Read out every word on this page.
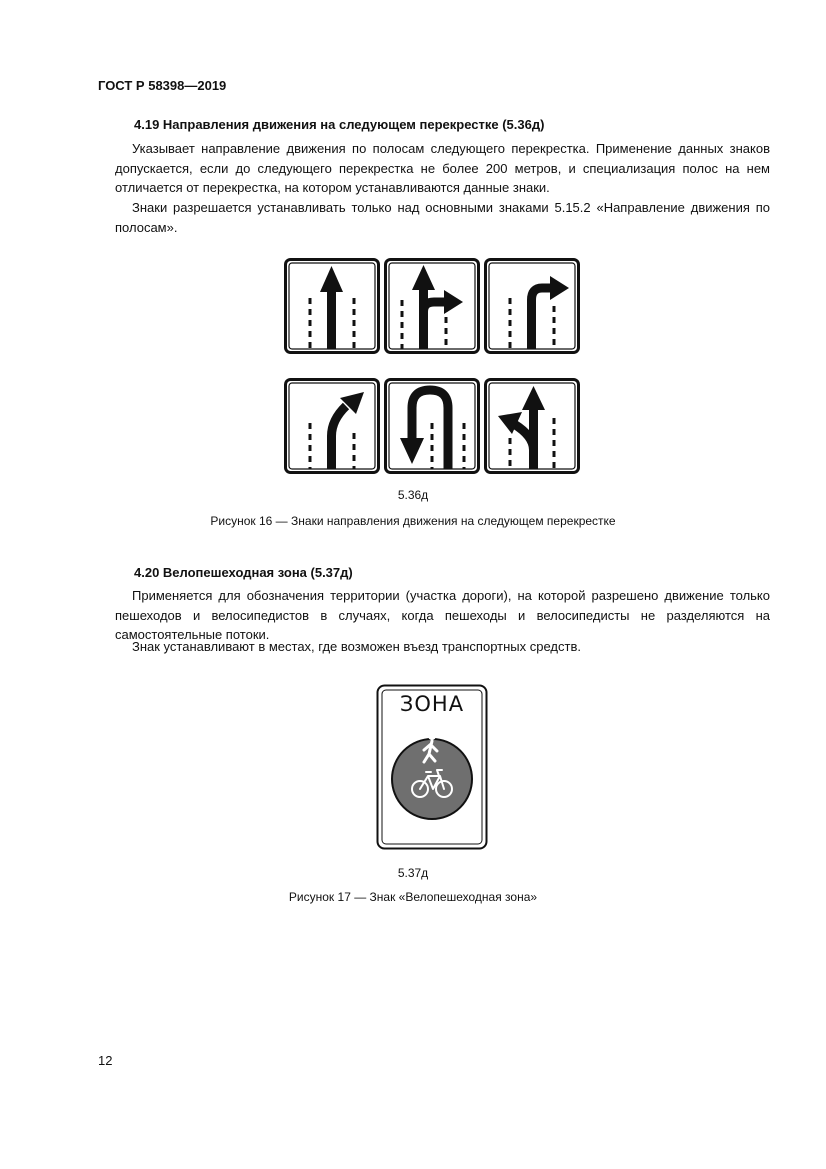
ГОСТ Р 58398—2019
4.19 Направления движения на следующем перекрестке (5.36д)

Указывает направление движения по полосам следующего перекрестка. Применение данных знаков допускается, если до следующего перекрестка не более 200 метров, и специализация полос на нем отличается от перекрестка, на котором устанавливаются данные знаки.

Знаки разрешается устанавливать только над основными знаками 5.15.2 «Направление движения по полосам».

5.36д
Рисунок 16 — Знаки направления движения на следующем перекрестке
4.20 Велопешеходная зона (5.37д)

Применяется для обозначения территории (участка дороги), на которой разрешено движение только пешеходов и велосипедистов в случаях, когда пешеходы и велосипедисты не разделяются на самостоятельные потоки.

Знак устанавливают в местах, где возможен въезд транспортных средств.

ЗОНА
5.37д
Рисунок 17 — Знак «Велопешеходная зона»
12
